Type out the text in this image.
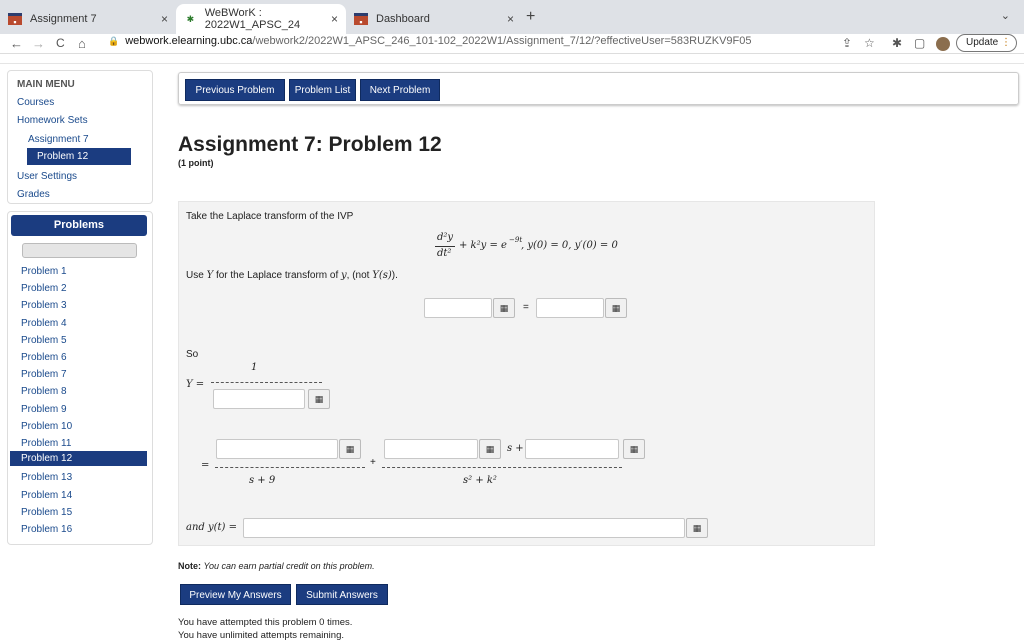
▪	Assignment 7	× ✱ WeBWorK : 2022W1_APSC_24	×	▪	Dashboard	× +	⌄
← → C ⌂ 🔒 webwork.elearning.ubc.ca/webwork2/2022W1_APSC_246_101-102_2022W1/Assignment_7/12/?effectiveUser=583RUZKV9F05	⇪ ☆ ✱ ▢	Update ⋮
MAIN MENU
Courses
Homework Sets
Assignment 7
Problem 12
User Settings
Grades
Problems
Problem 1
Problem 2
Problem 3
Problem 4
Problem 5
Problem 6
Problem 7
Problem 8
Problem 9
Problem 10
Problem 11
Problem 12
Problem 13
Problem 14
Problem 15
Problem 16
Previous Problem	Problem List	Next Problem
Assignment 7: Problem 12
(1 point)
Take the Laplace transform of the IVP
d²y
dt²
+ k²y = e −9t
, y(0) = 0, y′(0) = 0
Use Y for the Laplace transform of y, (not Y(s)).
▦	=	▦
So
1
Y =
▦
▦
=
s + 9
+
▦	s +	▦
s² + k²
and y(t) =	▦
Note: You can earn partial credit on this problem.
Preview My Answers	Submit Answers
You have attempted this problem 0 times.
You have unlimited attempts remaining.
